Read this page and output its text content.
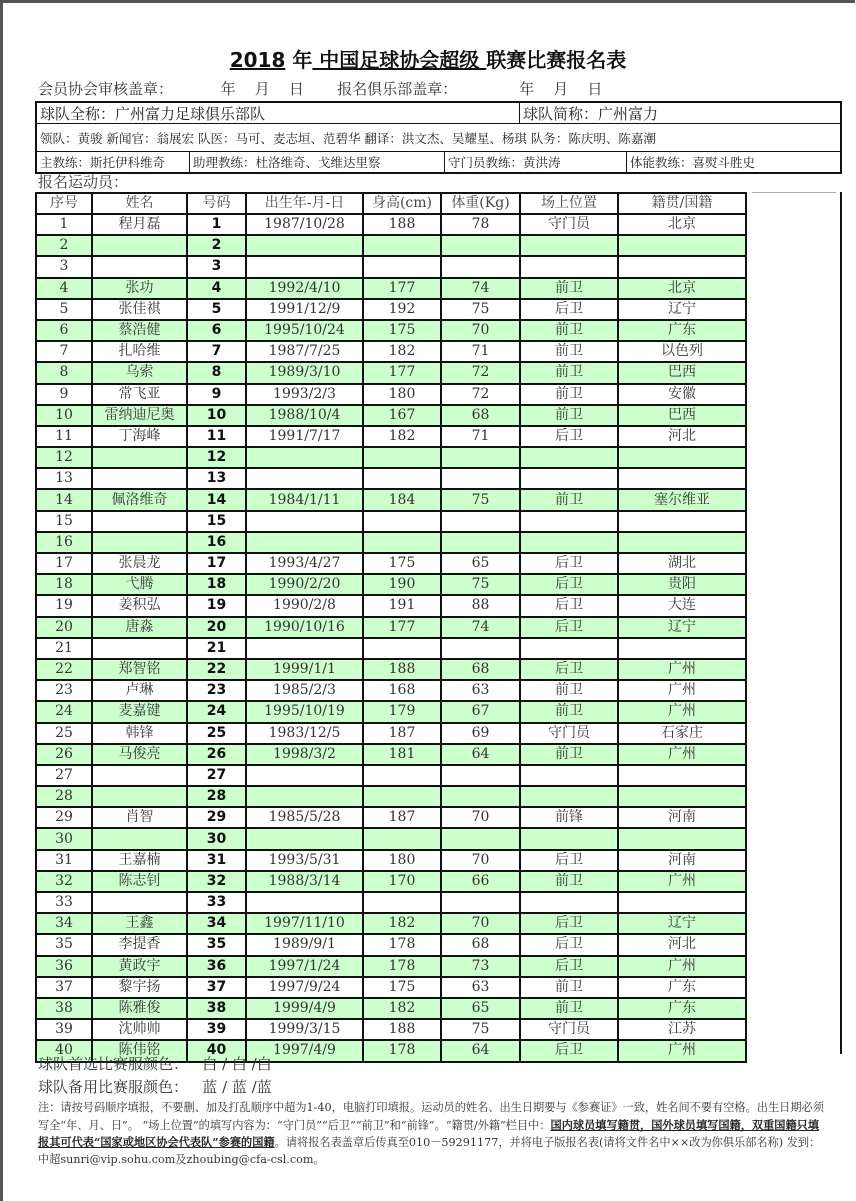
2018 年 中国足球协会超级 联赛比赛报名表
会员协会审核盖章：          年    月    日       报名俱乐部盖章：             年    月    日
球队全称：广州富力足球俱乐部队	球队简称：广州富力
领队：黄骏 新闻官：翁展宏 队医：马可、麦志垣、范碧华 翻译：洪文杰、吴耀星、杨琪 队务：陈庆明、陈嘉潮
主教练：斯托伊科维奇	助理教练：杜洛维奇、戈维达里察	守门员教练：黄洪涛	体能教练：喜熨斗胜史
报名运动员：
序号	姓名	号码	出生年-月-日	身高(cm)	体重(Kg)	场上位置	籍贯/国籍
1	程月磊	1	1987/10/28	188	78	守门员	北京
2		2					
3		3					
4	张功	4	1992/4/10	177	74	前卫	北京
5	张佳祺	5	1991/12/9	192	75	后卫	辽宁
6	蔡浩健	6	1995/10/24	175	70	前卫	广东
7	扎哈维	7	1987/7/25	182	71	前卫	以色列
8	乌索	8	1989/3/10	177	72	前卫	巴西
9	常飞亚	9	1993/2/3	180	72	前卫	安徽
10	雷纳迪尼奥	10	1988/10/4	167	68	前卫	巴西
11	丁海峰	11	1991/7/17	182	71	后卫	河北
12		12					
13		13					
14	佩洛维奇	14	1984/1/11	184	75	前卫	塞尔维亚
15		15					
16		16					
17	张晨龙	17	1993/4/27	175	65	后卫	湖北
18	弋腾	18	1990/2/20	190	75	后卫	贵阳
19	姜积弘	19	1990/2/8	191	88	后卫	大连
20	唐淼	20	1990/10/16	177	74	后卫	辽宁
21		21					
22	郑智铭	22	1999/1/1	188	68	后卫	广州
23	卢琳	23	1985/2/3	168	63	前卫	广州
24	麦嘉键	24	1995/10/19	179	67	前卫	广州
25	韩锋	25	1983/12/5	187	69	守门员	石家庄
26	马俊亮	26	1998/3/2	181	64	前卫	广州
27		27					
28		28					
29	肖智	29	1985/5/28	187	70	前锋	河南
30		30					
31	王嘉楠	31	1993/5/31	180	70	后卫	河南
32	陈志钊	32	1988/3/14	170	66	前卫	广州
33		33					
34	王鑫	34	1997/11/10	182	70	后卫	辽宁
35	李提香	35	1989/9/1	178	68	后卫	河北
36	黄政宇	36	1997/1/24	178	73	后卫	广州
37	黎宇扬	37	1997/9/24	175	63	前卫	广东
38	陈雅俊	38	1999/4/9	182	65	前卫	广东
39	沈帅帅	39	1999/3/15	188	75	守门员	江苏
40	陈伟铭	40	1997/4/9	178	64	后卫	广州
球队首选比赛服颜色：   白 / 白 /白
球队备用比赛服颜色：   蓝 / 蓝 /蓝
注：请按号码顺序填报，不要删、加及打乱顺序中超为1-40，电脑打印填报。运动员的姓名、出生日期要与《参赛证》一致，姓名间不要有空格。出生日期必须写全“年、月、日”。 “场上位置”的填写内容为：“守门员”“后卫”“前卫”和“前锋”。“籍贯/外籍”栏目中：国内球员填写籍贯，国外球员填写国籍，双重国籍只填报其可代表“国家或地区协会代表队”参赛的国籍。请将报名表盖章后传真至010－59291177，并将电子版报名表(请将文件名中××改为你俱乐部名称) 发到：中超sunri@vip.sohu.com及zhoubing@cfa-csl.com。
